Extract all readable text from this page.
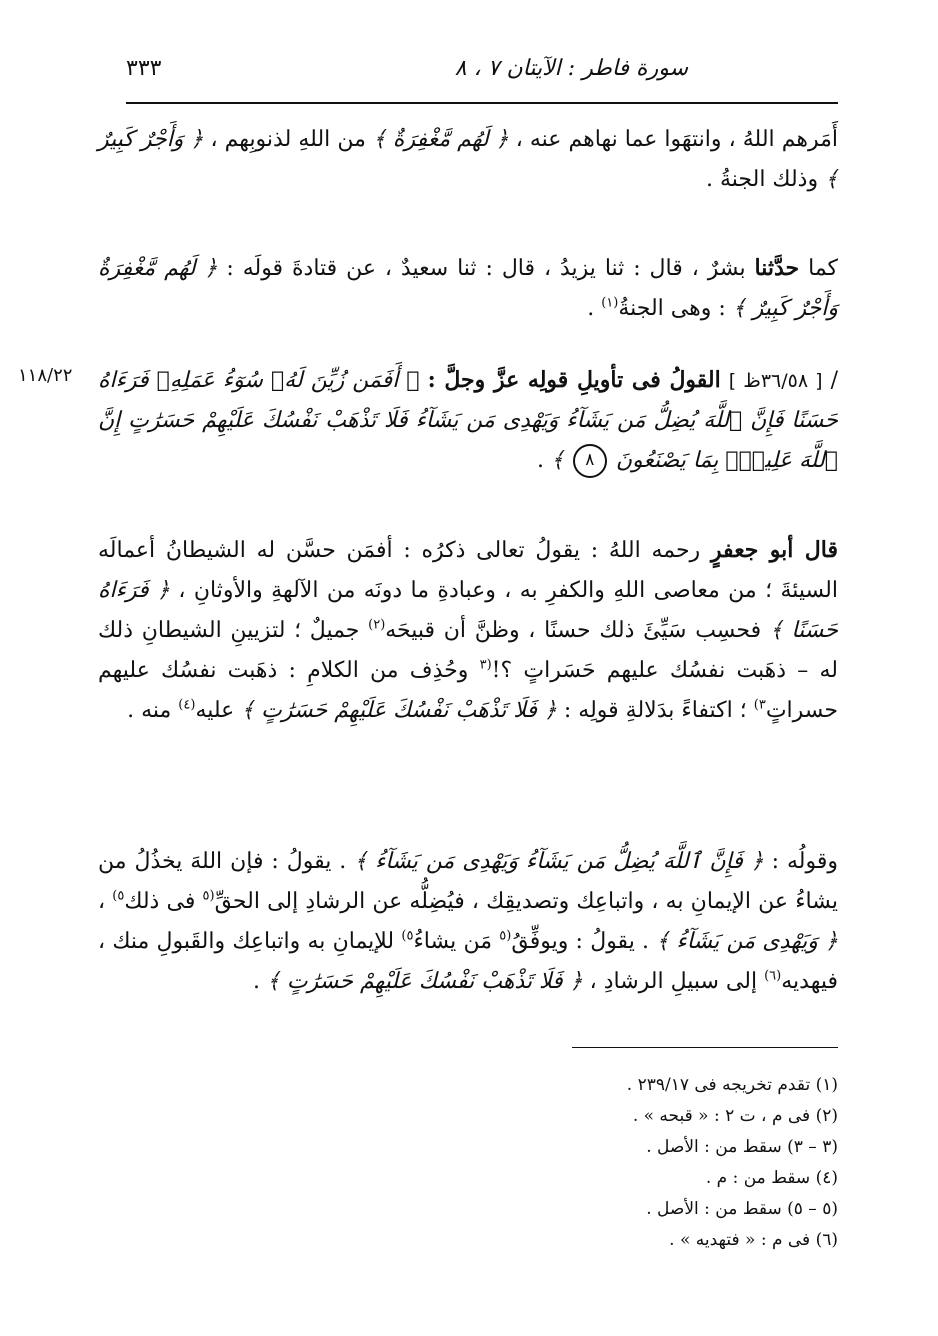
سورة فاطر : الآيتان ٧ ، ٨
٣٣٣

أَمَرهم اللهُ ، وانتهَوا عما نهاهم عنه ، ﴿ لَهُم مَّغْفِرَةٌ ﴾ من اللهِ لذنوبِهم ، ﴿ وَأَجْرٌ كَبِيرٌ ﴾ وذلك الجنةُ .

كما حدَّثنا بشرٌ ، قال : ثنا يزيدُ ، قال : ثنا سعيدٌ ، عن قتادةَ قولَه : ﴿ لَهُم مَّغْفِرَةٌ وَأَجْرٌ كَبِيرٌ ﴾ : وهى الجنةُ$^{(١)}$ .

١١٨/٢٢	/ [ ٣٦/٥٨ظ ] القولُ فى تأويلِ قولِه عزَّ وجلَّ : ﴿ أَفَمَن زُيِّنَ لَهُۥ سُوٓءُ عَمَلِهِۦ فَرَءَاهُ حَسَنًا فَإِنَّ ٱللَّهَ يُضِلُّ مَن يَشَآءُ وَيَهْدِى مَن يَشَآءُ فَلَا تَذْهَبْ نَفْسُكَ عَلَيْهِمْ حَسَرَٰتٍ إِنَّ ٱللَّهَ عَلِيمٌۢ بِمَا يَصْنَعُونَ ٨ ﴾ .

قال أبو جعفرٍ رحمه اللهُ : يقولُ تعالى ذكرُه : أفمَن حسَّن له الشيطانُ أعمالَه السيئةَ ؛ من معاصى اللهِ والكفرِ به ، وعبادةِ ما دونَه من الآلهةِ والأوثانِ ، ﴿ فَرَءَاهُ حَسَنًا ﴾ فحسِب سَيِّئَ ذلك حسنًا ، وظنَّ أن قبيحَه$^{(٢)}$ جميلٌ ؛ لتزيينِ الشيطانِ ذلك له – ذهَبت نفسُك عليهم حَسَراتٍ ؟!$^{(٣}$ وحُذِف من الكلامِ : ذهَبت نفسُك عليهم حسراتٍ$^{٣)}$ ؛ اكتفاءً بدَلالةِ قولِه : ﴿ فَلَا تَذْهَبْ نَفْسُكَ عَلَيْهِمْ حَسَرَٰتٍ ﴾ عليه$^{(٤)}$ منه .

وقولُه : ﴿ فَإِنَّ ٱللَّهَ يُضِلُّ مَن يَشَآءُ وَيَهْدِى مَن يَشَآءُ ﴾ . يقولُ : فإن اللهَ يخذُلُ من يشاءُ عن الإيمانِ به ، واتباعِك وتصديقِك ، فيُضِلُّه عن الرشادِ إلى الحقِّ$^{(٥}$ فى ذلك$^{٥)}$ ، ﴿ وَيَهْدِى مَن يَشَآءُ ﴾ . يقولُ : ويوفِّقُ$^{(٥}$ مَن يشاءُ$^{٥)}$ للإيمانِ به واتباعِك والقَبولِ منك ، فيهديه$^{(٦)}$ إلى سبيلِ الرشادِ ، ﴿ فَلَا تَذْهَبْ نَفْسُكَ عَلَيْهِمْ حَسَرَٰتٍ ﴾ .

(١) تقدم تخريجه فى ٢٣٩/١٧ .
(٢) فى م ، ت ٢ : « قبحه » .
(٣ – ٣) سقط من : الأصل .
(٤) سقط من : م .
(٥ – ٥) سقط من : الأصل .
(٦) فى م : « فتهديه » .
